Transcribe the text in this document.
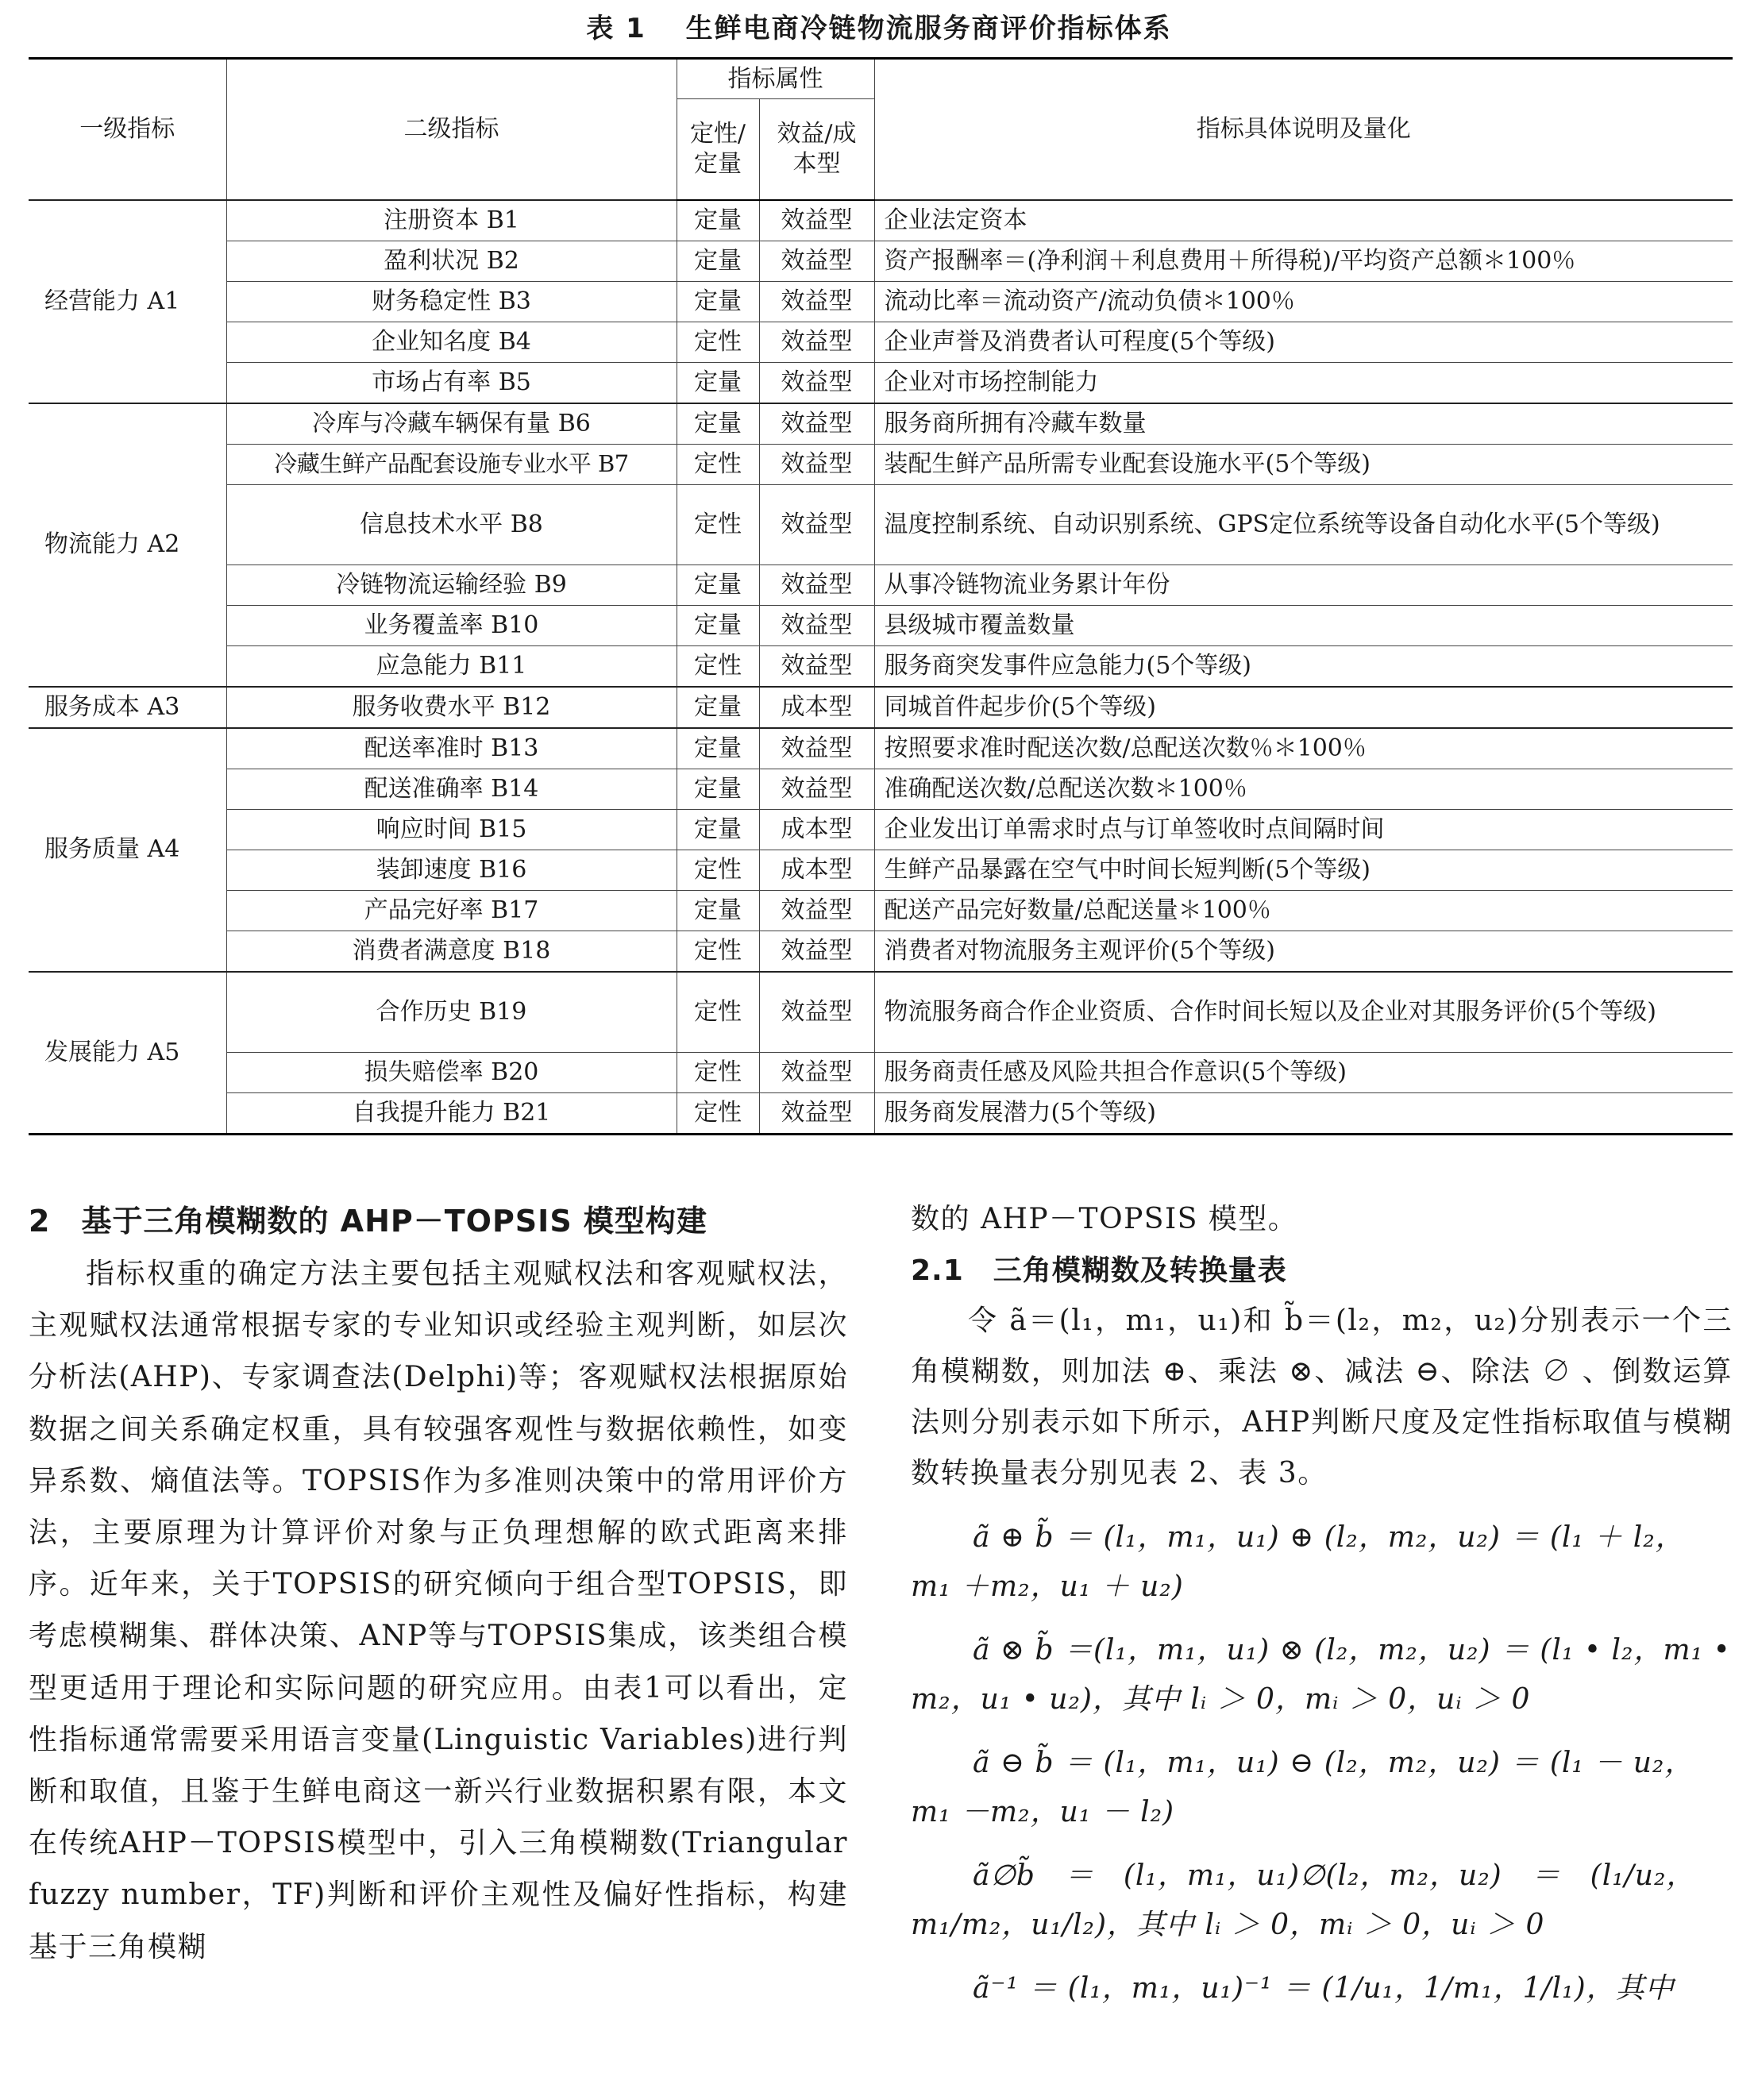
表 1 生鲜电商冷链物流服务商评价指标体系
一级指标	二级指标	指标属性		指标具体说明及量化
		定性/定量	效益/成本型	
经营能力 A1	注册资本 B1	定量	效益型	企业法定资本
	盈利状况 B2	定量	效益型	资产报酬率＝(净利润＋利息费用＋所得税)/平均资产总额＊100％
	财务稳定性 B3	定量	效益型	流动比率＝流动资产/流动负债＊100％
	企业知名度 B4	定性	效益型	企业声誉及消费者认可程度(5个等级)
	市场占有率 B5	定量	效益型	企业对市场控制能力
物流能力 A2	冷库与冷藏车辆保有量 B6	定量	效益型	服务商所拥有冷藏车数量
	冷藏生鲜产品配套设施专业水平 B7	定性	效益型	装配生鲜产品所需专业配套设施水平(5个等级)
	信息技术水平 B8	定性	效益型	温度控制系统、自动识别系统、GPS定位系统等设备自动化水平(5个等级)
	冷链物流运输经验 B9	定量	效益型	从事冷链物流业务累计年份
	业务覆盖率 B10	定量	效益型	县级城市覆盖数量
	应急能力 B11	定性	效益型	服务商突发事件应急能力(5个等级)
服务成本 A3	服务收费水平 B12	定量	成本型	同城首件起步价(5个等级)
服务质量 A4	配送率准时 B13	定量	效益型	按照要求准时配送次数/总配送次数％＊100％
	配送准确率 B14	定量	效益型	准确配送次数/总配送次数＊100％
	响应时间 B15	定量	成本型	企业发出订单需求时点与订单签收时点间隔时间
	装卸速度 B16	定性	成本型	生鲜产品暴露在空气中时间长短判断(5个等级)
	产品完好率 B17	定量	效益型	配送产品完好数量/总配送量＊100％
	消费者满意度 B18	定性	效益型	消费者对物流服务主观评价(5个等级)
发展能力 A5	合作历史 B19	定性	效益型	物流服务商合作企业资质、合作时间长短以及企业对其服务评价(5个等级)
	损失赔偿率 B20	定性	效益型	服务商责任感及风险共担合作意识(5个等级)
	自我提升能力 B21	定性	效益型	服务商发展潜力(5个等级)
2　基于三角模糊数的 AHP－TOPSIS 模型构建
指标权重的确定方法主要包括主观赋权法和客观赋权法，主观赋权法通常根据专家的专业知识或经验主观判断，如层次分析法(AHP)、专家调查法(Delphi)等；客观赋权法根据原始数据之间关系确定权重，具有较强客观性与数据依赖性，如变异系数、熵值法等。TOPSIS作为多准则决策中的常用评价方法，主要原理为计算评价对象与正负理想解的欧式距离来排序。近年来，关于TOPSIS的研究倾向于组合型TOPSIS，即考虑模糊集、群体决策、ANP等与TOPSIS集成，该类组合模型更适用于理论和实际问题的研究应用。由表1可以看出，定性指标通常需要采用语言变量(Linguistic Variables)进行判断和取值，且鉴于生鲜电商这一新兴行业数据积累有限，本文在传统AHP－TOPSIS模型中，引入三角模糊数(Triangular fuzzy number，TF)判断和评价主观性及偏好性指标，构建基于三角模糊
数的 AHP－TOPSIS 模型。
2.1　三角模糊数及转换量表
令 ã＝(l₁，m₁，u₁)和 b̃＝(l₂，m₂，u₂)分别表示一个三角模糊数，则加法 ⊕、乘法 ⊗、减法 ⊖、除法 ∅ 、倒数运算法则分别表示如下所示，AHP判断尺度及定性指标取值与模糊数转换量表分别见表 2、表 3。
ã ⊕ b̃ ＝ (l₁，m₁，u₁) ⊕ (l₂，m₂，u₂) ＝ (l₁ ＋ l₂，
m₁ ＋m₂，u₁ ＋ u₂)
ã ⊗ b̃ ＝(l₁，m₁，u₁) ⊗ (l₂，m₂，u₂) ＝ (l₁ • l₂，m₁ •
m₂，u₁ • u₂)，其中 lᵢ ＞ 0，mᵢ ＞ 0，uᵢ ＞ 0
ã ⊖ b̃ ＝ (l₁，m₁，u₁) ⊖ (l₂，m₂，u₂) ＝ (l₁ － u₂，
m₁ －m₂，u₁ － l₂)
ã∅b̃　＝　(l₁，m₁，u₁)∅(l₂，m₂，u₂)　＝　(l₁/u₂，
m₁/m₂，u₁/l₂)，其中 lᵢ ＞ 0，mᵢ ＞ 0，uᵢ ＞ 0
ã⁻¹ ＝ (l₁，m₁，u₁)⁻¹ ＝ (1/u₁，1/m₁，1/l₁)，其中
